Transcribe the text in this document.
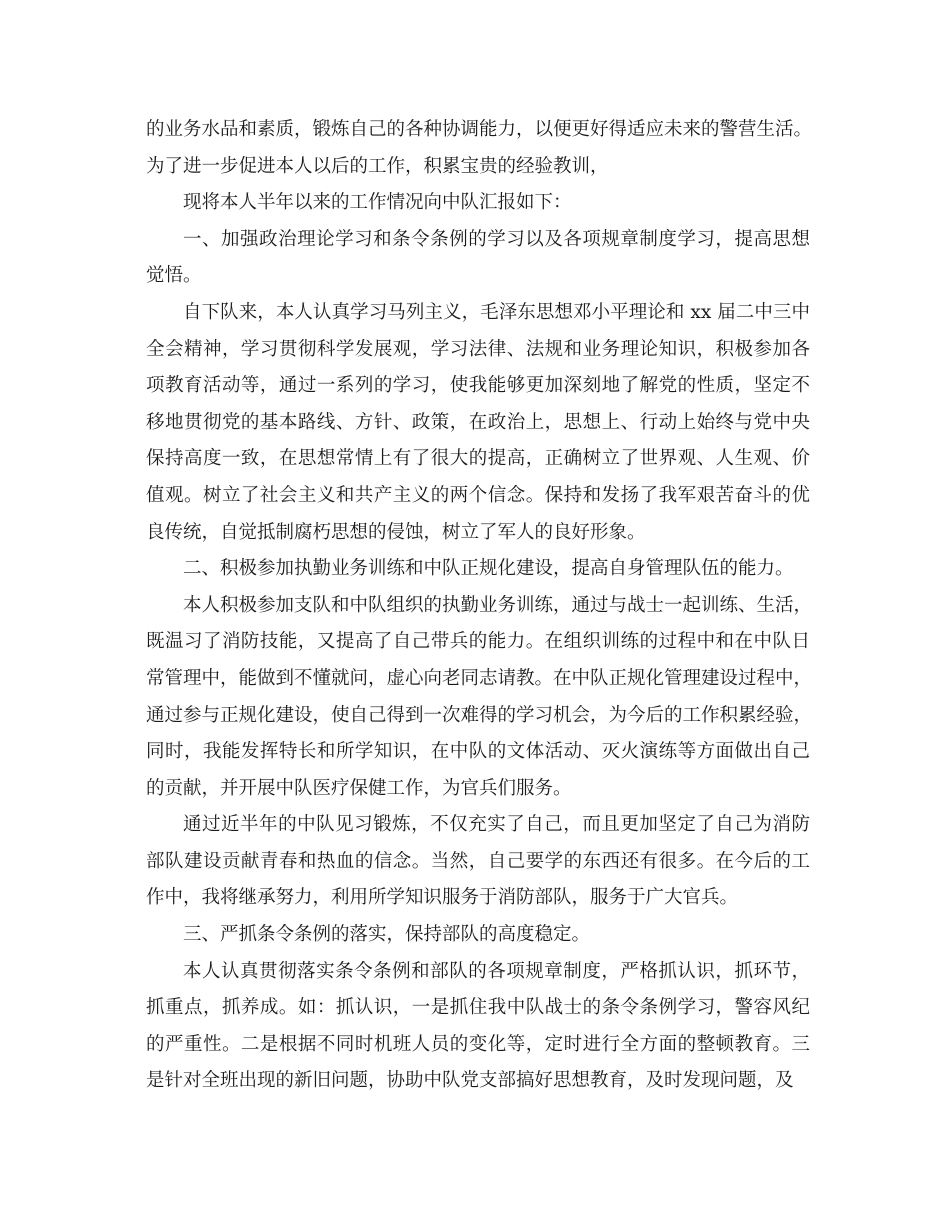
的业务水品和素质，锻炼自己的各种协调能力，以便更好得适应未来的警营生活。
为了进一步促进本人以后的工作，积累宝贵的经验教训，
现将本人半年以来的工作情况向中队汇报如下：
一、加强政治理论学习和条令条例的学习以及各项规章制度学习，提高思想
觉悟。
自下队来，本人认真学习马列主义，毛泽东思想邓小平理论和 xx 届二中三中
全会精神，学习贯彻科学发展观，学习法律、法规和业务理论知识，积极参加各
项教育活动等，通过一系列的学习，使我能够更加深刻地了解党的性质，坚定不
移地贯彻党的基本路线、方针、政策，在政治上，思想上、行动上始终与党中央
保持高度一致，在思想常情上有了很大的提高，正确树立了世界观、人生观、价
值观。树立了社会主义和共产主义的两个信念。保持和发扬了我军艰苦奋斗的优
良传统，自觉抵制腐朽思想的侵蚀，树立了军人的良好形象。
二、积极参加执勤业务训练和中队正规化建设，提高自身管理队伍的能力。
本人积极参加支队和中队组织的执勤业务训练，通过与战士一起训练、生活，
既温习了消防技能，又提高了自己带兵的能力。在组织训练的过程中和在中队日
常管理中，能做到不懂就问，虚心向老同志请教。在中队正规化管理建设过程中，
通过参与正规化建设，使自己得到一次难得的学习机会，为今后的工作积累经验，
同时，我能发挥特长和所学知识，在中队的文体活动、灭火演练等方面做出自己
的贡献，并开展中队医疗保健工作，为官兵们服务。
通过近半年的中队见习锻炼，不仅充实了自己，而且更加坚定了自己为消防
部队建设贡献青春和热血的信念。当然，自己要学的东西还有很多。在今后的工
作中，我将继承努力，利用所学知识服务于消防部队，服务于广大官兵。
三、严抓条令条例的落实，保持部队的高度稳定。
本人认真贯彻落实条令条例和部队的各项规章制度，严格抓认识，抓环节，
抓重点，抓养成。如：抓认识，一是抓住我中队战士的条令条例学习，警容风纪
的严重性。二是根据不同时机班人员的变化等，定时进行全方面的整顿教育。三
是针对全班出现的新旧问题，协助中队党支部搞好思想教育，及时发现问题，及
